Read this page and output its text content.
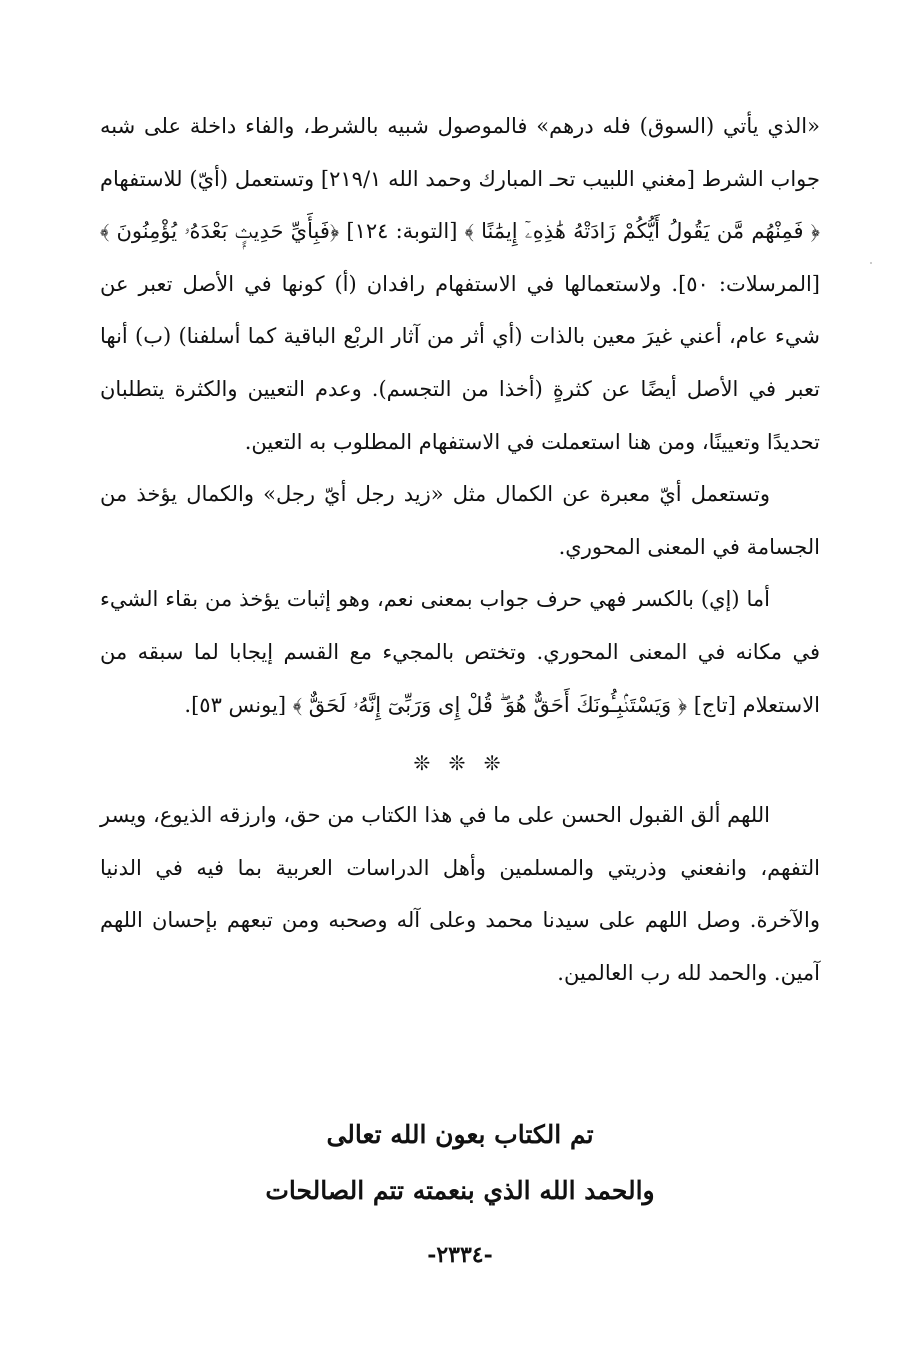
«الذي يأتي (السوق) فله درهم» فالموصول شبيه بالشرط، والفاء داخلة على شبه جواب الشرط [مغني اللبيب تحـ المبارك وحمد الله ٢١٩/١] وتستعمل (أيّ) للاستفهام ﴿ فَمِنْهُم مَّن يَقُولُ أَيُّكُمْ زَادَتْهُ هَٰذِهِۦٓ إِيمَٰنًا ﴾ [التوبة: ١٢٤] ﴿فَبِأَيِّ حَدِيثٍۭ بَعْدَهُۥ يُؤْمِنُونَ ﴾ [المرسلات: ٥٠]. ولاستعمالها في الاستفهام رافدان (أ) كونها في الأصل تعبر عن شيء عام، أعني غيرَ معين بالذات (أي أثر من آثار الربْع الباقية كما أسلفنا) (ب) أنها تعبر في الأصل أيضًا عن كثرةٍ (أخذا من التجسم). وعدم التعيين والكثرة يتطلبان تحديدًا وتعيينًا، ومن هنا استعملت في الاستفهام المطلوب به التعين.

وتستعمل أيّ معبرة عن الكمال مثل «زيد رجل أيّ رجل» والكمال يؤخذ من الجسامة في المعنى المحوري.

أما (إي) بالكسر فهي حرف جواب بمعنى نعم، وهو إثبات يؤخذ من بقاء الشيء في مكانه في المعنى المحوري. وتختص بالمجيء مع القسم إيجابا لما سبقه من الاستعلام [تاج] ﴿ وَيَسْتَنۢبِـُٔونَكَ أَحَقٌّ هُوَ ۖ قُلْ إِى وَرَبِّىٓ إِنَّهُۥ لَحَقٌّ ﴾ [يونس ٥٣].

❊ ❊ ❊

اللهم ألق القبول الحسن على ما في هذا الكتاب من حق، وارزقه الذيوع، ويسر التفهم، وانفعني وذريتي والمسلمين وأهل الدراسات العربية بما فيه في الدنيا والآخرة. وصل اللهم على سيدنا محمد وعلى آله وصحبه ومن تبعهم بإحسان اللهم آمين. والحمد لله رب العالمين.

تم الكتاب بعون الله تعالى
والحمد الله الذي بنعمته تتم الصالحات
-٢٣٣٤-
